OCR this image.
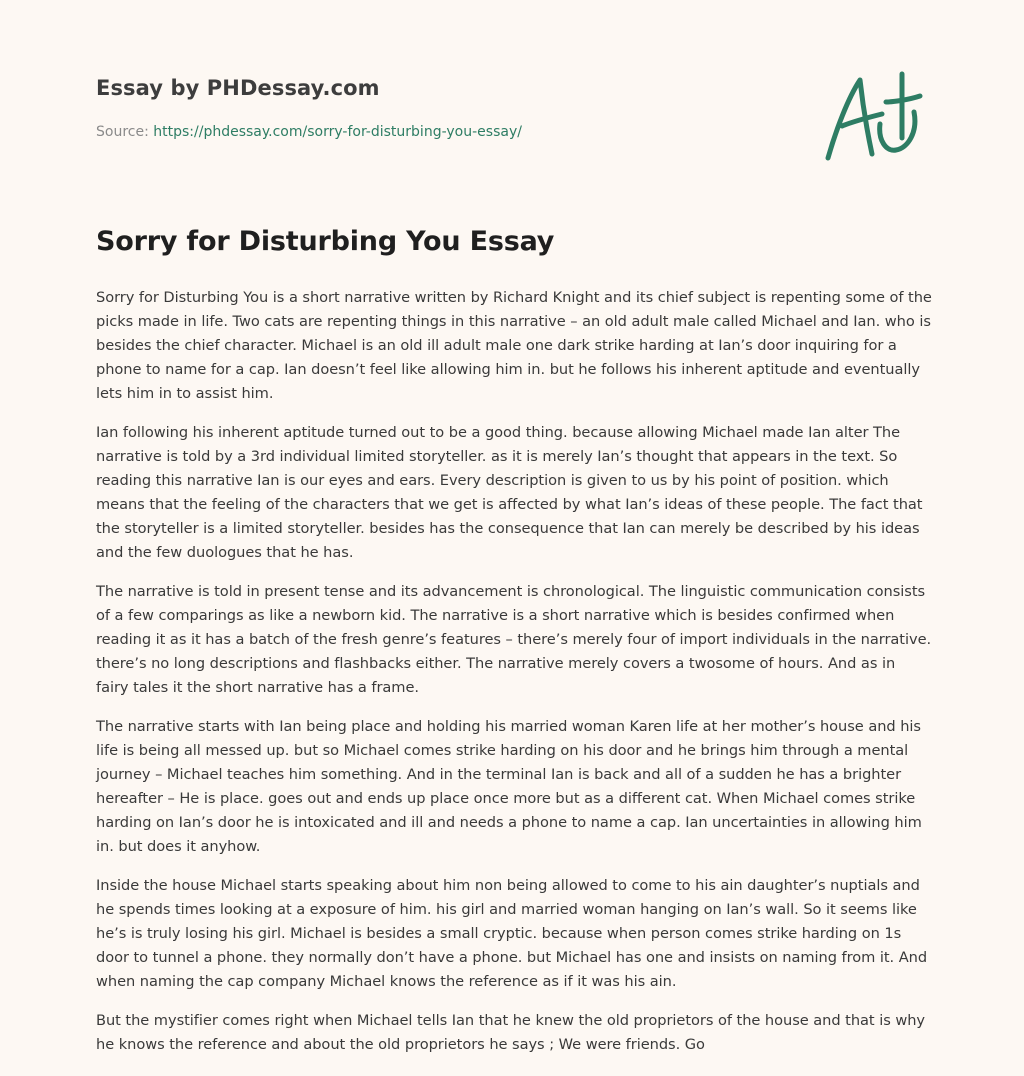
Essay by PHDessay.com
Source: https://phdessay.com/sorry-for-disturbing-you-essay/
Sorry for Disturbing You Essay

Sorry for Disturbing You is a short narrative written by Richard Knight and its chief subject is repenting some of the picks made in life. Two cats are repenting things in this narrative – an old adult male called Michael and Ian. who is besides the chief character. Michael is an old ill adult male one dark strike harding at Ian’s door inquiring for a phone to name for a cap. Ian doesn’t feel like allowing him in. but he follows his inherent aptitude and eventually lets him in to assist him.

Ian following his inherent aptitude turned out to be a good thing. because allowing Michael made Ian alter The narrative is told by a 3rd individual limited storyteller. as it is merely Ian’s thought that appears in the text. So reading this narrative Ian is our eyes and ears. Every description is given to us by his point of position. which means that the feeling of the characters that we get is affected by what Ian’s ideas of these people. The fact that the storyteller is a limited storyteller. besides has the consequence that Ian can merely be described by his ideas and the few duologues that he has.

The narrative is told in present tense and its advancement is chronological. The linguistic communication consists of a few comparings as like a newborn kid. The narrative is a short narrative which is besides confirmed when reading it as it has a batch of the fresh genre’s features – there’s merely four of import individuals in the narrative. there’s no long descriptions and flashbacks either. The narrative merely covers a twosome of hours. And as in fairy tales it the short narrative has a frame.

The narrative starts with Ian being place and holding his married woman Karen life at her mother’s house and his life is being all messed up. but so Michael comes strike harding on his door and he brings him through a mental journey – Michael teaches him something. And in the terminal Ian is back and all of a sudden he has a brighter hereafter – He is place. goes out and ends up place once more but as a different cat. When Michael comes strike harding on Ian’s door he is intoxicated and ill and needs a phone to name a cap. Ian uncertainties in allowing him in. but does it anyhow.

Inside the house Michael starts speaking about him non being allowed to come to his ain daughter’s nuptials and he spends times looking at a exposure of him. his girl and married woman hanging on Ian’s wall. So it seems like he’s is truly losing his girl. Michael is besides a small cryptic. because when person comes strike harding on 1s door to tunnel a phone. they normally don’t have a phone. but Michael has one and insists on naming from it. And when naming the cap company Michael knows the reference as if it was his ain.

But the mystifier comes right when Michael tells Ian that he knew the old proprietors of the house and that is why he knows the reference and about the old proprietors he says ; We were friends. Go
